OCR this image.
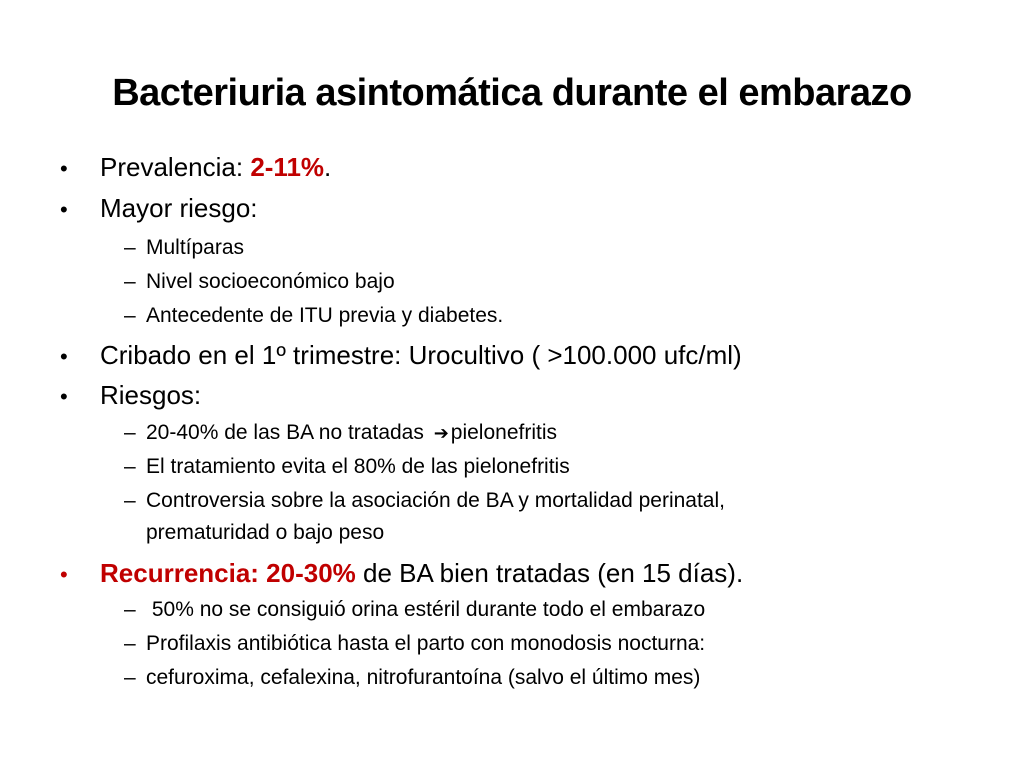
Bacteriuria asintomática durante el embarazo
• Prevalencia: 2-11%.
• Mayor riesgo:
– Multíparas
– Nivel socioeconómico bajo
– Antecedente de ITU previa y diabetes.
• Cribado en el 1º trimestre: Urocultivo ( >100.000 ufc/ml)
• Riesgos:
– 20-40% de las BA no tratadas ➔pielonefritis
– El tratamiento evita el 80% de las pielonefritis
– Controversia sobre la asociación de BA y mortalidad perinatal,
prematuridad o bajo peso
• Recurrencia: 20-30% de BA bien tratadas (en 15 días).
– 50% no se consiguió orina estéril durante todo el embarazo
– Profilaxis antibiótica hasta el parto con monodosis nocturna:
– cefuroxima, cefalexina, nitrofurantoína (salvo el último mes)
